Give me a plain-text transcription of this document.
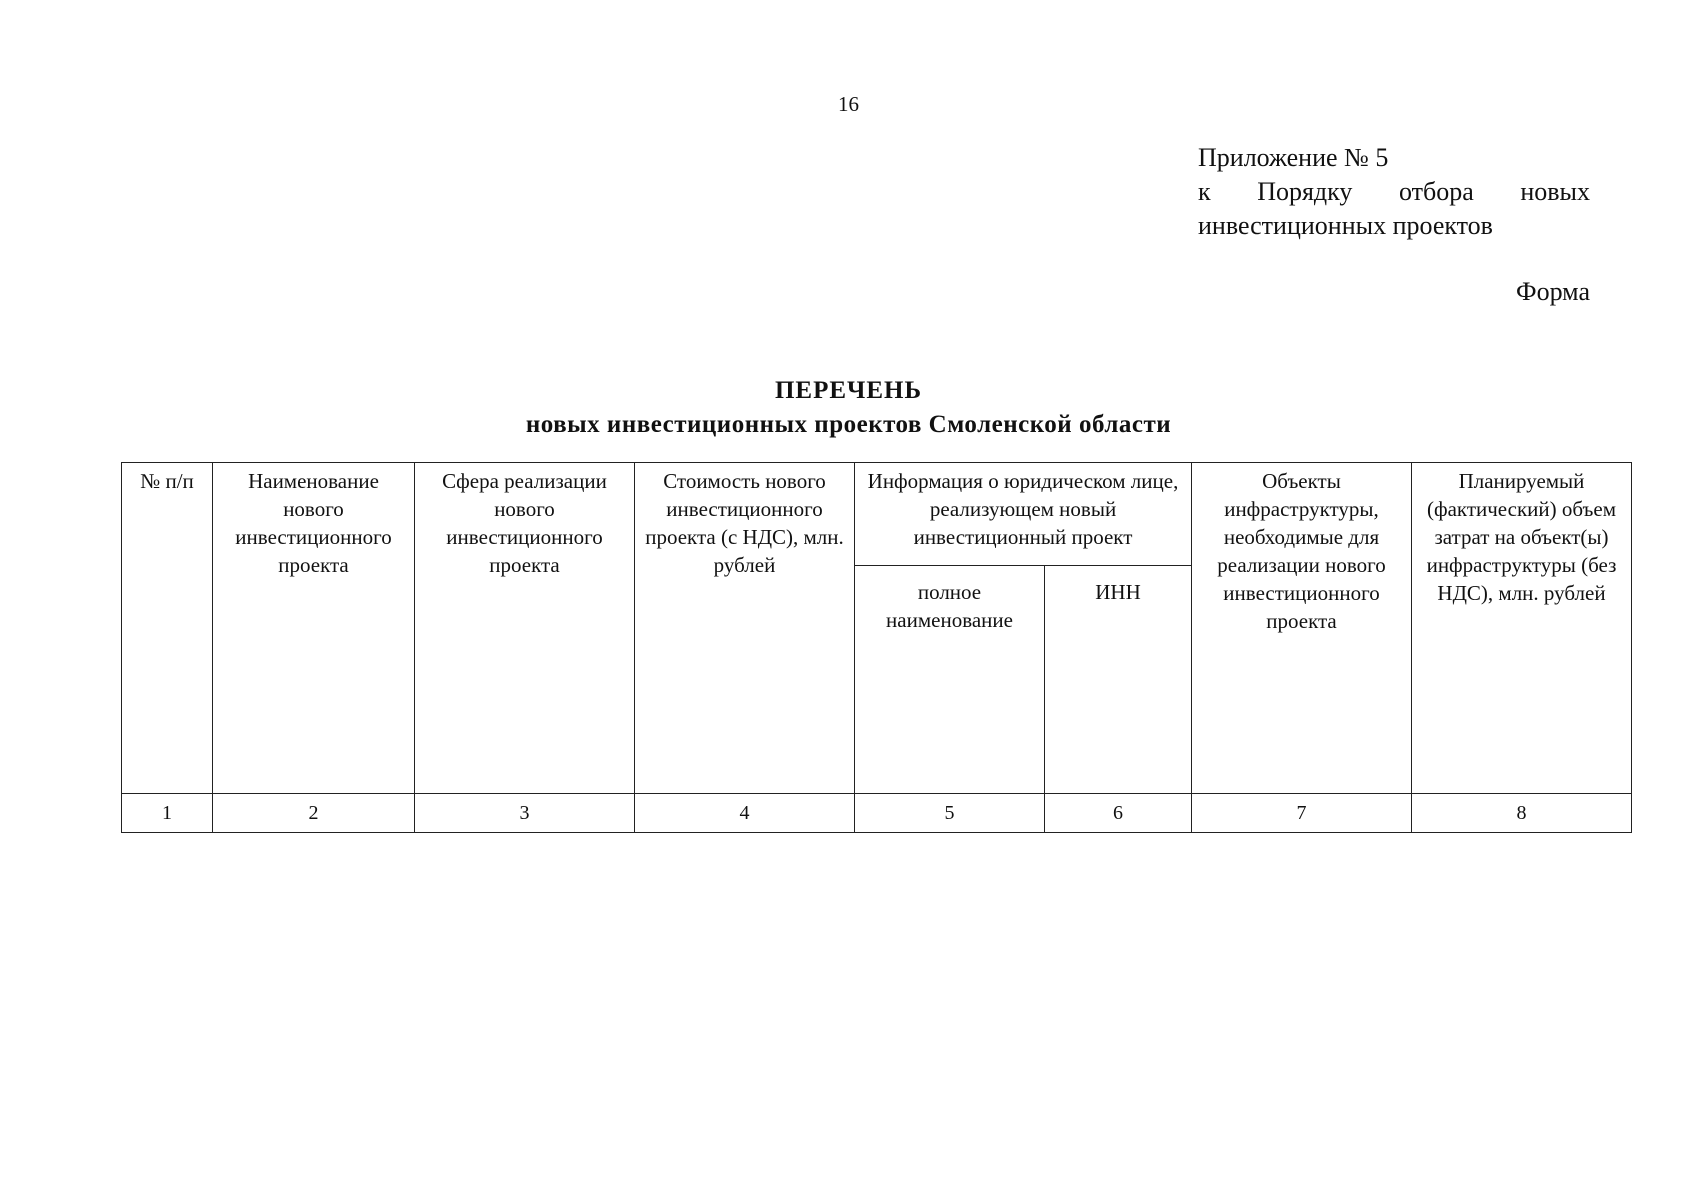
16
Приложение № 5
к Порядку отбора новых
инвестиционных проектов
Форма
ПЕРЕЧЕНЬ
новых инвестиционных проектов Смоленской области
№ п/п	Наименование нового инвестиционного проекта	Сфера реализации нового инвестиционного проекта	Стоимость нового инвестиционного проекта (с НДС), млн. рублей	Информация о юридическом лице, реализующем новый инвестиционный проект		Объекты инфраструктуры, необходимые для реализации нового инвестиционного проекта	Планируемый (фактический) объем затрат на объект(ы) инфраструктуры (без НДС), млн. рублей
				полное наименование	ИНН		
1	2	3	4	5	6	7	8
